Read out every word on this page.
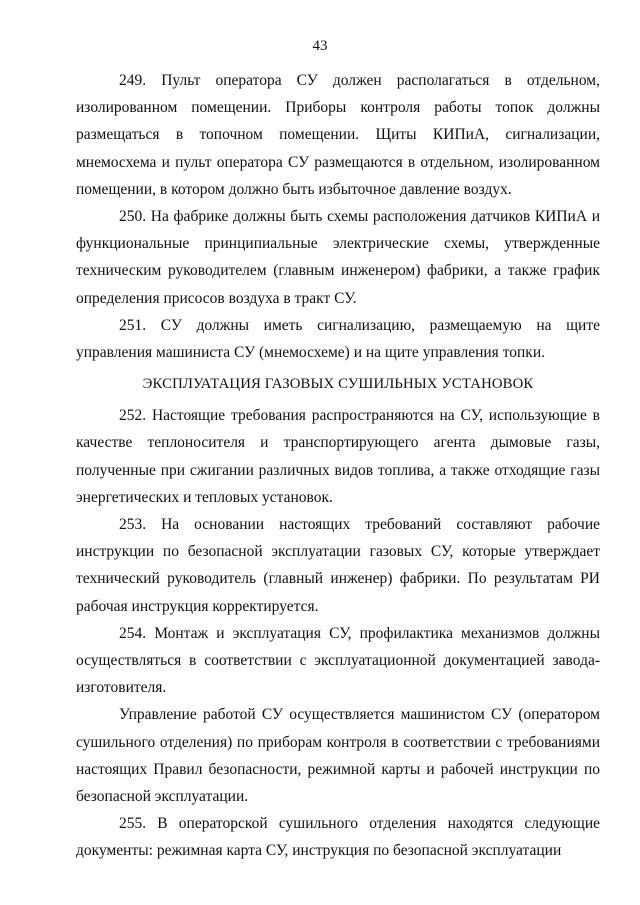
43

249. Пульт оператора СУ должен располагаться в отдельном, изолированном помещении. Приборы контроля работы топок должны размещаться в топочном помещении. Щиты КИПиА, сигнализации, мнемосхема и пульт оператора СУ размещаются в отдельном, изолированном помещении, в котором должно быть избыточное давление воздух.

250. На фабрике должны быть схемы расположения датчиков КИПиА и функциональные принципиальные электрические схемы, утвержденные техническим руководителем (главным инженером) фабрики, а также график определения присосов воздуха в тракт СУ.

251. СУ должны иметь сигнализацию, размещаемую на щите управления машиниста СУ (мнемосхеме) и на щите управления топки.

ЭКСПЛУАТАЦИЯ ГАЗОВЫХ СУШИЛЬНЫХ УСТАНОВОК

252. Настоящие требования распространяются на СУ, использующие в качестве теплоносителя и транспортирующего агента дымовые газы, полученные при сжигании различных видов топлива, а также отходящие газы энергетических и тепловых установок.

253. На основании настоящих требований составляют рабочие инструкции по безопасной эксплуатации газовых СУ, которые утверждает технический руководитель (главный инженер) фабрики. По результатам РИ рабочая инструкция корректируется.

254. Монтаж и эксплуатация СУ, профилактика механизмов должны осуществляться в соответствии с эксплуатационной документацией завода-изготовителя.

Управление работой СУ осуществляется машинистом СУ (оператором сушильного отделения) по приборам контроля в соответствии с требованиями настоящих Правил безопасности, режимной карты и рабочей инструкции по безопасной эксплуатации.

255. В операторской сушильного отделения находятся следующие документы: режимная карта СУ, инструкция по безопасной эксплуатации
